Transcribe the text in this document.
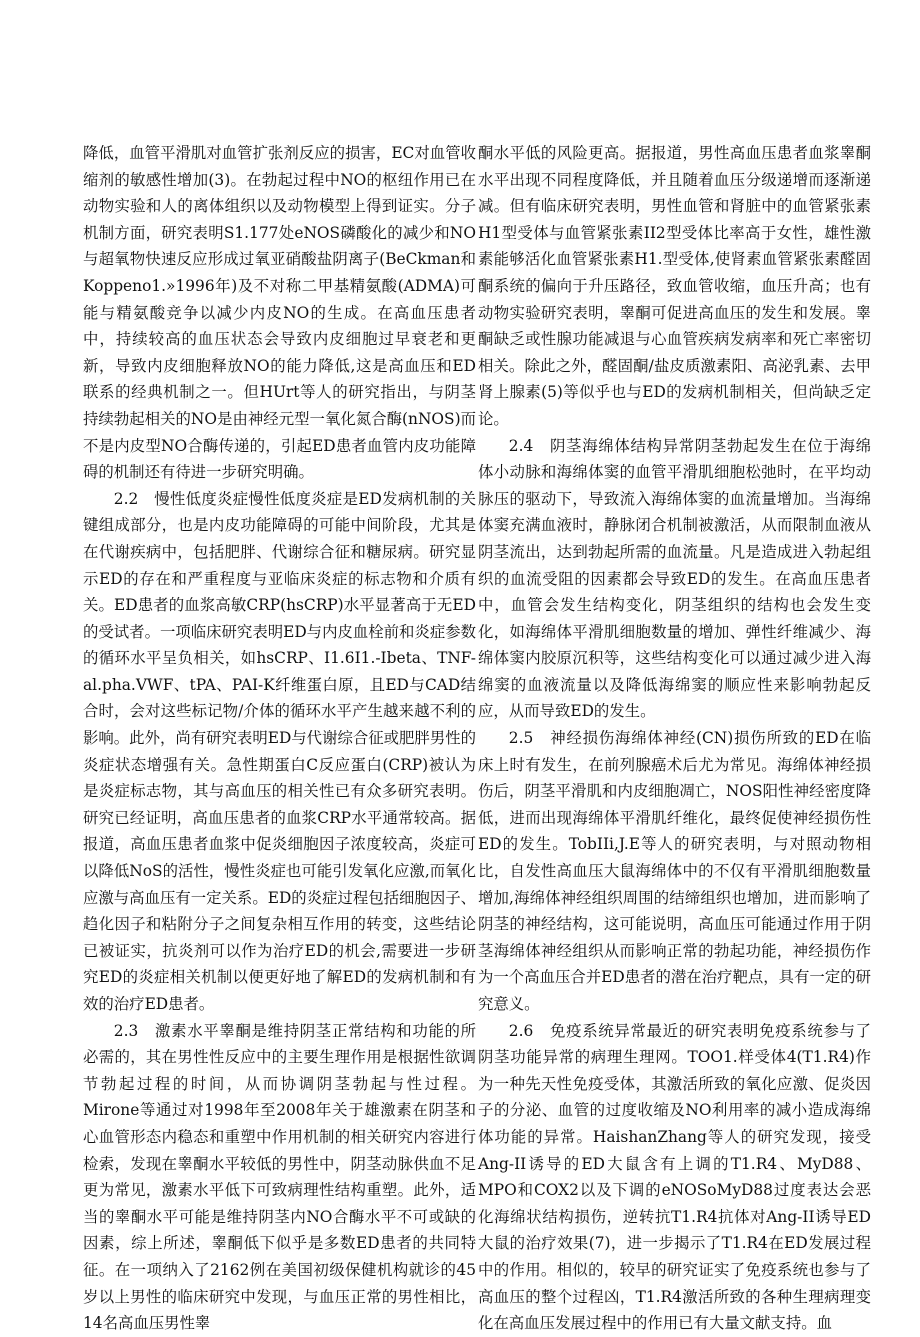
降低，血管平滑肌对血管扩张剂反应的损害，EC对血管收缩剂的敏感性增加(3)。在勃起过程中NO的枢纽作用已在动物实验和人的离体组织以及动物模型上得到证实。分子机制方面，研究表明S1.177处eNOS磷酸化的减少和NO与超氧物快速反应形成过氧亚硝酸盐阴离子(BeCkman和Koppeno1.»1996年)及不对称二甲基精氨酸(ADMA)可能与精氨酸竞争以减少内皮NO的生成。在高血压患者中，持续较高的血压状态会导致内皮细胞过早衰老和更新，导致内皮细胞释放NO的能力降低,这是高血压和ED联系的经典机制之一。但HUrt等人的研究指出，与阴茎持续勃起相关的NO是由神经元型一氧化氮合酶(nNOS)而不是内皮型NO合酶传递的，引起ED患者血管内皮功能障碍的机制还有待进一步研究明确。

2.2　慢性低度炎症慢性低度炎症是ED发病机制的关键组成部分，也是内皮功能障碍的可能中间阶段，尤其是在代谢疾病中，包括肥胖、代谢综合征和糖尿病。研究显示ED的存在和严重程度与亚临床炎症的标志物和介质有关。ED患者的血浆高敏CRP(hsCRP)水平显著高于无ED的受试者。一项临床研究表明ED与内皮血栓前和炎症参数的循环水平呈负相关，如hsCRP、I1.6I1.-Ibeta、TNF-al.pha.VWF、tPA、PAI-K纤维蛋白原，且ED与CAD结合时，会对这些标记物/介体的循环水平产生越来越不利的影响。此外，尚有研究表明ED与代谢综合征或肥胖男性的炎症状态增强有关。急性期蛋白C反应蛋白(CRP)被认为是炎症标志物，其与高血压的相关性已有众多研究表明。研究已经证明，高血压患者的血浆CRP水平通常较高。据报道，高血压患者血浆中促炎细胞因子浓度较高，炎症可以降低NoS的活性，慢性炎症也可能引发氧化应激,而氧化应激与高血压有一定关系。ED的炎症过程包括细胞因子、趋化因子和粘附分子之间复杂相互作用的转变，这些结论已被证实，抗炎剂可以作为治疗ED的机会,需要进一步研究ED的炎症相关机制以便更好地了解ED的发病机制和有效的治疗ED患者。

2.3　激素水平睾酮是维持阴茎正常结构和功能的所必需的，其在男性性反应中的主要生理作用是根据性欲调节勃起过程的时间，从而协调阴茎勃起与性过程。Mirone等通过对1998年至2008年关于雄激素在阴茎和心血管形态内稳态和重塑中作用机制的相关研究内容进行检索，发现在睾酮水平较低的男性中，阴茎动脉供血不足更为常见，激素水平低下可致病理性结构重塑。此外，适当的睾酮水平可能是维持阴茎内NO合酶水平不可或缺的因素，综上所述，睾酮低下似乎是多数ED患者的共同特征。在一项纳入了2162例在美国初级保健机构就诊的45岁以上男性的临床研究中发现，与血压正常的男性相比，14名高血压男性睾

酮水平低的风险更高。据报道，男性高血压患者血浆睾酮水平出现不同程度降低，并且随着血压分级递增而逐渐递减。但有临床研究表明，男性血管和肾脏中的血管紧张素H1型受体与血管紧张素II2型受体比率高于女性，雄性激素能够活化血管紧张素H1.型受体,使肾素血管紧张素醛固酮系统的偏向于升压路径，致血管收缩，血压升高；也有动物实验研究表明，睾酮可促进高血压的发生和发展。睾酮缺乏或性腺功能减退与心血管疾病发病率和死亡率密切相关。除此之外，醛固酮/盐皮质激素阳、高泌乳素、去甲肾上腺素(5)等似乎也与ED的发病机制相关，但尚缺乏定论。

2.4　阴茎海绵体结构异常阴茎勃起发生在位于海绵体小动脉和海绵体窦的血管平滑肌细胞松弛时，在平均动脉压的驱动下，导致流入海绵体窦的血流量增加。当海绵体窦充满血液时，静脉闭合机制被激活，从而限制血液从阴茎流出，达到勃起所需的血流量。凡是造成进入勃起组织的血流受阻的因素都会导致ED的发生。在高血压患者中，血管会发生结构变化，阴茎组织的结构也会发生变化，如海绵体平滑肌细胞数量的增加、弹性纤维减少、海绵体窦内胶原沉积等，这些结构变化可以通过减少进入海绵窦的血液流量以及降低海绵窦的顺应性来影响勃起反应，从而导致ED的发生。

2.5　神经损伤海绵体神经(CN)损伤所致的ED在临床上时有发生，在前列腺癌术后尤为常见。海绵体神经损伤后，阴茎平滑肌和内皮细胞凋亡，NOS阳性神经密度降低，进而出现海绵体平滑肌纤维化，最终促使神经损伤性ED的发生。TobIIi,J.E等人的研究表明，与对照动物相比，自发性高血压大鼠海绵体中的不仅有平滑肌细胞数量增加,海绵体神经组织周围的结缔组织也增加，进而影响了阴茎的神经结构，这可能说明，高血压可能通过作用于阴茎海绵体神经组织从而影响正常的勃起功能，神经损伤作为一个高血压合并ED患者的潜在治疗靶点，具有一定的研究意义。

2.6　免疫系统异常最近的研究表明免疫系统参与了阴茎功能异常的病理生理网。TOO1.样受体4(T1.R4)作为一种先天性免疫受体，其激活所致的氧化应激、促炎因子的分泌、血管的过度收缩及NO利用率的减小造成海绵体功能的异常。HaishanZhang等人的研究发现，接受Ang-II诱导的ED大鼠含有上调的T1.R4、MyD88、MPO和COX2以及下调的eNOSoMyD88过度表达会恶化海绵状结构损伤，逆转抗T1.R4抗体对Ang-II诱导ED大鼠的治疗效果(7)，进一步揭示了T1.R4在ED发展过程中的作用。相似的，较早的研究证实了免疫系统也参与了高血压的整个过程凶，T1.R4激活所致的各种生理病理变化在高血压发展过程中的作用已有大量文献支持。血
